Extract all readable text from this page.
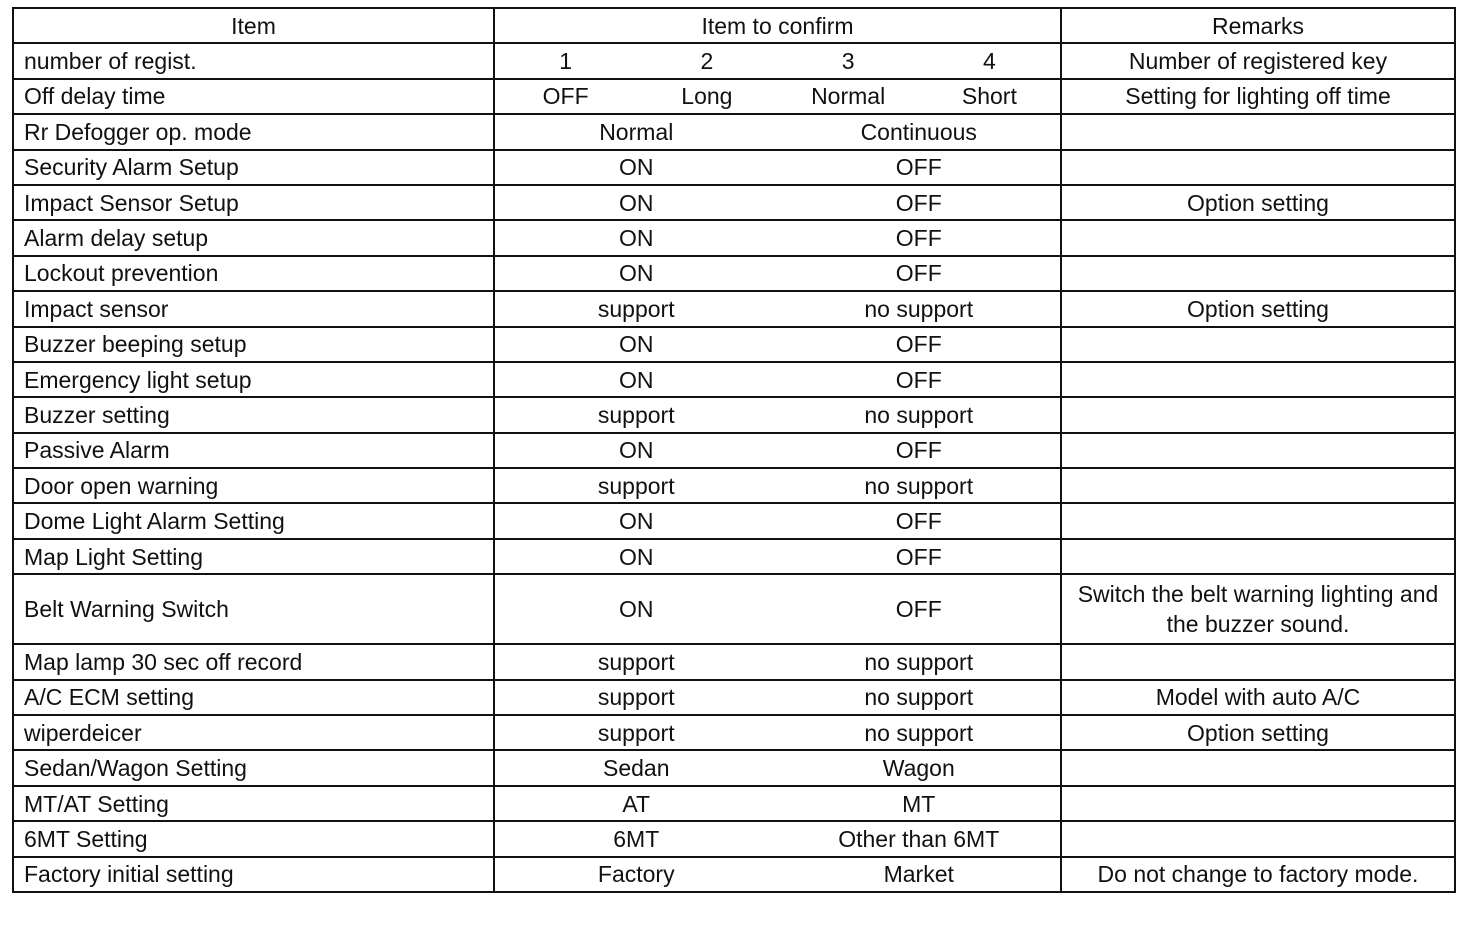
Item	Item to confirm	Remarks
number of regist.	1 2 3 4	Number of registered key
Off delay time	OFF Long Normal Short	Setting for lighting off time
Rr Defogger op. mode	Normal Continuous	

Security Alarm Setup	ON OFF	

Impact Sensor Setup	ON OFF	Option setting
Alarm delay setup	ON OFF	

Lockout prevention	ON OFF	

Impact sensor	support no support	Option setting
Buzzer beeping setup	ON OFF	

Emergency light setup	ON OFF	

Buzzer setting	support no support	

Passive Alarm	ON OFF	

Door open warning	support no support	

Dome Light Alarm Setting	ON OFF	

Map Light Setting	ON OFF	

Belt Warning Switch	ON OFF	Switch the belt warning lighting and the buzzer sound.
Map lamp 30 sec off record	support no support	

A/C ECM setting	support no support	Model with auto A/C
wiperdeicer	support no support	Option setting
Sedan/Wagon Setting	Sedan Wagon	

MT/AT Setting	AT MT	

6MT Setting	6MT Other than 6MT	

Factory initial setting	Factory Market	Do not change to factory mode.
